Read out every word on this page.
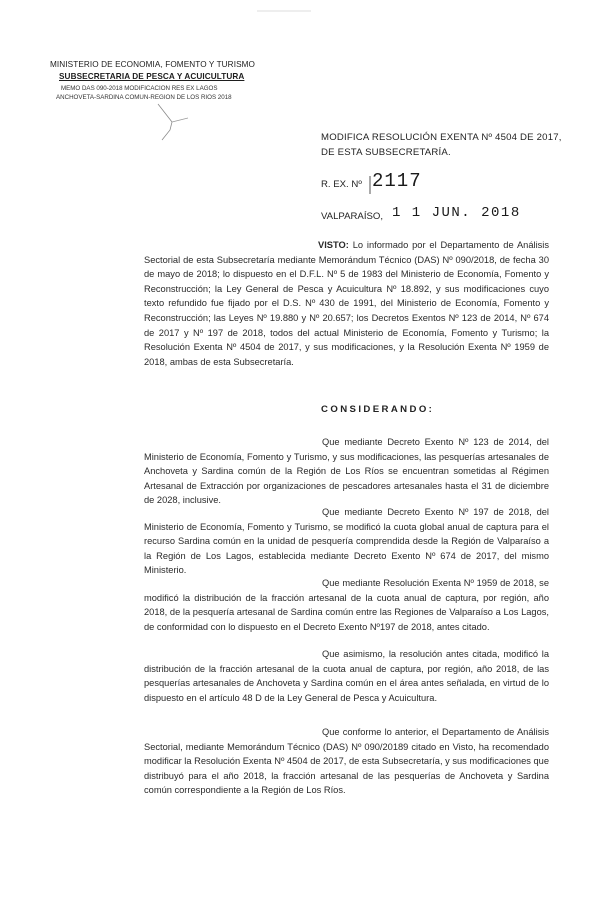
MINISTERIO DE ECONOMIA, FOMENTO Y TURISMO
SUBSECRETARIA DE PESCA Y ACUICULTURA
MEMO DAS 090-2018 MODIFICACION RES EX LAGOS
ANCHOVETA-SARDINA COMUN-REGION DE LOS RIOS 2018
MODIFICA RESOLUCIÓN EXENTA Nº 4504 DE 2017,
DE ESTA SUBSECRETARÍA.
R. EX. Nº 2117
VALPARAÍSO, 1 1 JUN. 2018
VISTO: Lo informado por el Departamento de Análisis Sectorial de esta Subsecretaría mediante Memorándum Técnico (DAS) Nº 090/2018, de fecha 30 de mayo de 2018; lo dispuesto en el D.F.L. Nº 5 de 1983 del Ministerio de Economía, Fomento y Reconstrucción; la Ley General de Pesca y Acuicultura Nº 18.892, y sus modificaciones cuyo texto refundido fue fijado por el D.S. Nº 430 de 1991, del Ministerio de Economía, Fomento y Reconstrucción; las Leyes Nº 19.880 y Nº 20.657; los Decretos Exentos Nº 123 de 2014, Nº 674 de 2017 y Nº 197 de 2018, todos del actual Ministerio de Economía, Fomento y Turismo; la Resolución Exenta Nº 4504 de 2017, y sus modificaciones, y la Resolución Exenta Nº 1959 de 2018, ambas de esta Subsecretaría.
CONSIDERANDO:
Que mediante Decreto Exento Nº 123 de 2014, del Ministerio de Economía, Fomento y Turismo, y sus modificaciones, las pesquerías artesanales de Anchoveta y Sardina común de la Región de Los Ríos se encuentran sometidas al Régimen Artesanal de Extracción por organizaciones de pescadores artesanales hasta el 31 de diciembre de 2028, inclusive.
Que mediante Decreto Exento Nº 197 de 2018, del Ministerio de Economía, Fomento y Turismo, se modificó la cuota global anual de captura para el recurso Sardina común en la unidad de pesquería comprendida desde la Región de Valparaíso a la Región de Los Lagos, establecida mediante Decreto Exento Nº 674 de 2017, del mismo Ministerio.
Que mediante Resolución Exenta Nº 1959 de 2018, se modificó la distribución de la fracción artesanal de la cuota anual de captura, por región, año 2018, de la pesquería artesanal de Sardina común entre las Regiones de Valparaíso a Los Lagos, de conformidad con lo dispuesto en el Decreto Exento Nº197 de 2018, antes citado.
Que asimismo, la resolución antes citada, modificó la distribución de la fracción artesanal de la cuota anual de captura, por región, año 2018, de las pesquerías artesanales de Anchoveta y Sardina común en el área antes señalada, en virtud de lo dispuesto en el artículo 48 D de la Ley General de Pesca y Acuicultura.
Que conforme lo anterior, el Departamento de Análisis Sectorial, mediante Memorándum Técnico (DAS) Nº 090/20189 citado en Visto, ha recomendado modificar la Resolución Exenta Nº 4504 de 2017, de esta Subsecretaría, y sus modificaciones que distribuyó para el año 2018, la fracción artesanal de las pesquerías de Anchoveta y Sardina común correspondiente a la Región de Los Ríos.
